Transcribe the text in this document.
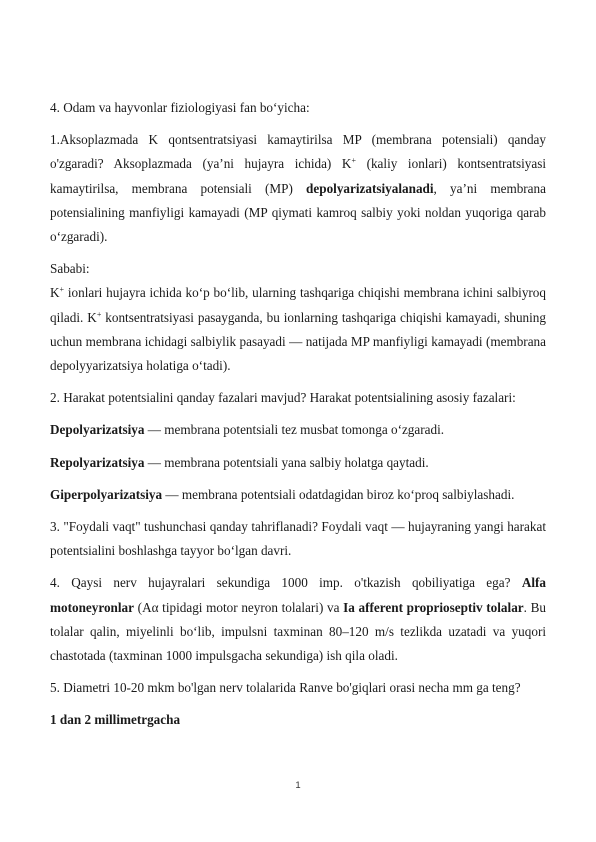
4. Odam va hayvonlar fiziologiyasi fan bo‘yicha:

1.Aksoplazmada K qontsentratsiyasi kamaytirilsa MP (membrana potensiali) qanday o'zgaradi? Aksoplazmada (ya’ni hujayra ichida) K+ (kaliy ionlari) kontsentratsiyasi kamaytirilsa, membrana potensiali (MP) depolyarizatsiyalanadi, ya’ni membrana potensialining manfiyligi kamayadi (MP qiymati kamroq salbiy yoki noldan yuqoriga qarab o‘zgaradi).

Sababi:

K+ ionlari hujayra ichida ko‘p bo‘lib, ularning tashqariga chiqishi membrana ichini salbiyroq qiladi. K+ kontsentratsiyasi pasayganda, bu ionlarning tashqariga chiqishi kamayadi, shuning uchun membrana ichidagi salbiylik pasayadi — natijada MP manfiyligi kamayadi (membrana depolyyarizatsiya holatiga o‘tadi).

2. Harakat potentsialini qanday fazalari mavjud? Harakat potentsialining asosiy fazalari:

Depolyarizatsiya — membrana potentsiali tez musbat tomonga o‘zgaradi.

Repolyarizatsiya — membrana potentsiali yana salbiy holatga qaytadi.

Giperpolyarizatsiya — membrana potentsiali odatdagidan biroz ko‘proq salbiylashadi.

3. "Foydali vaqt" tushunchasi qanday tahriflanadi? Foydali vaqt — hujayraning yangi harakat potentsialini boshlashga tayyor bo‘lgan davri.

4. Qaysi nerv hujayralari sekundiga 1000 imp. o'tkazish qobiliyatiga ega? Alfa motoneyronlar (Aα tipidagi motor neyron tolalari) va Ia afferent proprioseptiv tolalar. Bu tolalar qalin, miyelinli bo‘lib, impulsni taxminan 80–120 m/s tezlikda uzatadi va yuqori chastotada (taxminan 1000 impulsgacha sekundiga) ish qila oladi.

5. Diametri 10-20 mkm bo'lgan nerv tolalarida Ranve bo'giqlari orasi necha mm ga teng?

1 dan 2 millimetrgacha

1
